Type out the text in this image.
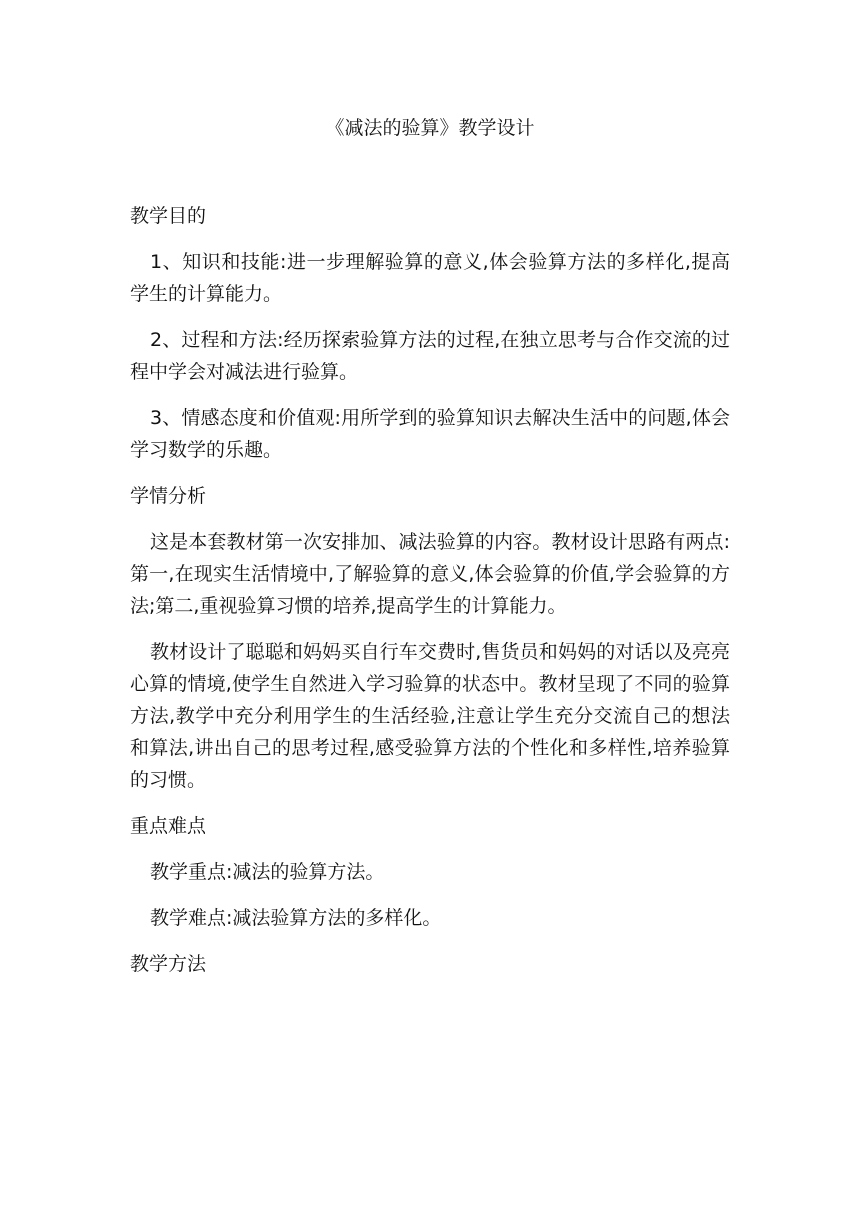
《减法的验算》教学设计
教学目的
1、知识和技能:进一步理解验算的意义,体会验算方法的多样化,提高学生的计算能力。
2、过程和方法:经历探索验算方法的过程,在独立思考与合作交流的过程中学会对减法进行验算。
3、情感态度和价值观:用所学到的验算知识去解决生活中的问题,体会学习数学的乐趣。
学情分析
这是本套教材第一次安排加、减法验算的内容。教材设计思路有两点:第一,在现实生活情境中,了解验算的意义,体会验算的价值,学会验算的方法;第二,重视验算习惯的培养,提高学生的计算能力。
教材设计了聪聪和妈妈买自行车交费时,售货员和妈妈的对话以及亮亮心算的情境,使学生自然进入学习验算的状态中。教材呈现了不同的验算方法,教学中充分利用学生的生活经验,注意让学生充分交流自己的想法和算法,讲出自己的思考过程,感受验算方法的个性化和多样性,培养验算的习惯。
重点难点
教学重点:减法的验算方法。
教学难点:减法验算方法的多样化。
教学方法
